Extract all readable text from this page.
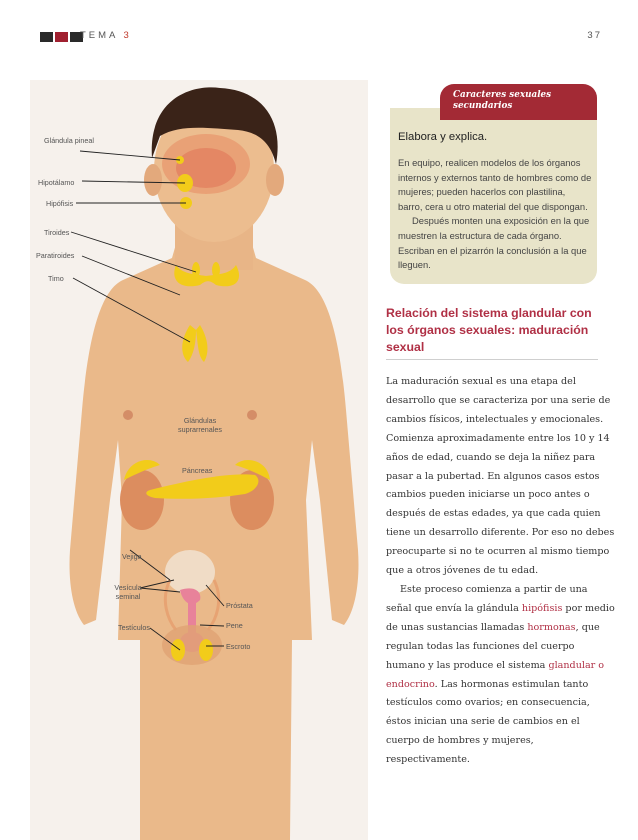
TEMA 3	37
Glándula pineal
Hipotálamo
Hipófisis
Tiroides
Paratiroides
Timo
Glándulas suprarrenales
Páncreas
Vejiga
Vesícula seminal
Próstata
Testículos	Pene
Escroto
Caracteres sexuales secundarios
Elabora y explica.

En equipo, realicen modelos de los órganos internos y externos tanto de hombres como de mujeres; pueden hacerlos con plastilina, barro, cera u otro material del que dispongan.

Después monten una exposición en la que muestren la estructura de cada órgano. Escriban en el pizarrón la conclusión a la que lleguen.

Relación del sistema glandular con los órganos sexuales: maduración sexual

La maduración sexual es una etapa del desarrollo que se caracteriza por una serie de cambios físicos, intelectuales y emocionales. Comienza aproximadamente entre los 10 y 14 años de edad, cuando se deja la niñez para pasar a la pubertad. En algunos casos estos cambios pueden iniciarse un poco antes o después de estas edades, ya que cada quien tiene un desarrollo diferente. Por eso no debes preocuparte si no te ocurren al mismo tiempo que a otros jóvenes de tu edad.

Este proceso comienza a partir de una señal que envía la glándula hipófisis por medio de unas sustancias llamadas hormonas, que regulan todas las funciones del cuerpo humano y las produce el sistema glandular o endocrino. Las hormonas estimulan tanto testículos como ovarios; en consecuencia, éstos inician una serie de cambios en el cuerpo de hombres y mujeres, respectivamente.
